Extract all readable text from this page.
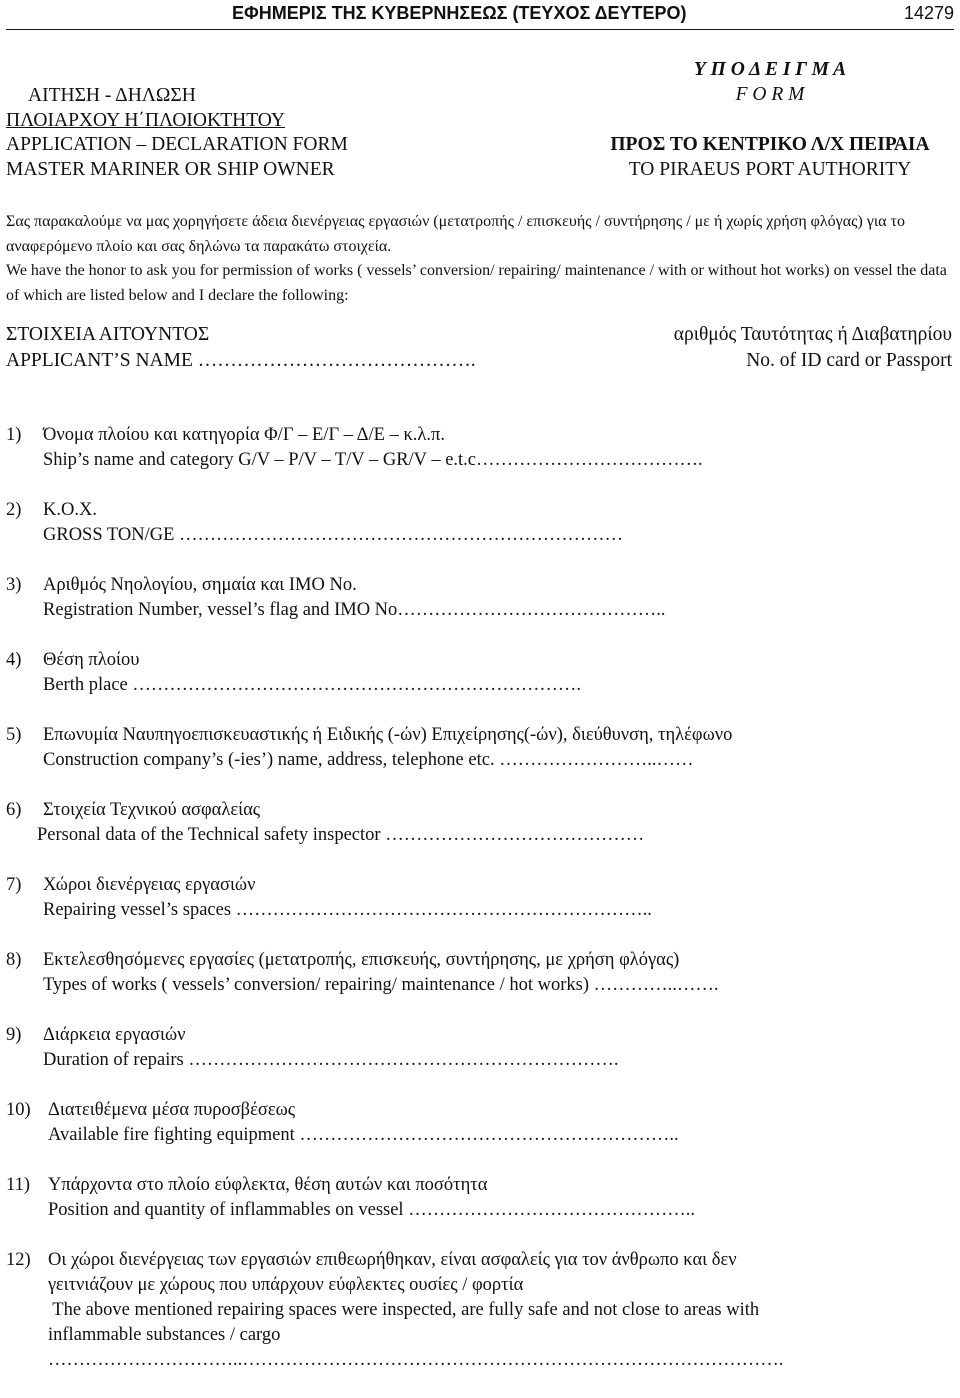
ΕΦΗΜΕΡΙΣ ΤΗΣ ΚΥΒΕΡΝΗΣΕΩΣ (ΤΕΥΧΟΣ ΔΕΥΤΕΡΟ)	14279
ΑΙΤΗΣΗ - ΔΗΛΩΣΗ
ΠΛΟΙΑΡΧΟΥ Η΄ΠΛΟΙΟΚΤΗΤΟΥ
APPLICATION – DECLARATION FORM
MASTER MARINER OR SHIP OWNER
Υ Π Ο Δ Ε Ι Γ Μ Α
F O R M
ΠΡΟΣ ΤΟ ΚΕΝΤΡΙΚΟ Λ/Χ ΠΕΙΡΑΙΑ
TO PIRAEUS PORT AUTHORITY

Σας παρακαλούμε να μας χορηγήσετε άδεια διενέργειας εργασιών (μετατροπής / επισκευής / συντήρησης / με ή χωρίς χρήση φλόγας) για το αναφερόμενο πλοίο και σας δηλώνω τα παρακάτω στοιχεία.

We have the honor to ask you for permission of works ( vessels’ conversion/ repairing/ maintenance / with or without hot works) on vessel the data of which are listed below and I declare the following:

ΣΤΟΙΧΕΙΑ ΑΙΤΟΥΝΤΟΣ	αριθμός Ταυτότητας ή Διαβατηρίου
APPLICANT’S NAME …………………………………….	No. of ID card or Passport
1) Όνομα πλοίου και κατηγορία Φ/Γ – Ε/Γ – Δ/Ε – κ.λ.π.
Ship’s name and category G/V – P/V – T/V – GR/V – e.t.c……………………………….
2) K.O.X.
GROSS TON/GE ………………………………………………………………
3) Αριθμός Νηολογίου, σημαία και IMO No.
Registration Number, vessel’s flag and IMO No……………………………………..
4) Θέση πλοίου
Berth place ……………………………………………………………….
5) Επωνυμία Ναυπηγοεπισκευαστικής ή Ειδικής (-ών) Επιχείρησης(-ών), διεύθυνση, τηλέφωνο
Construction company’s (-ies’) name, address, telephone etc. ……………………..……
6) Στοιχεία Τεχνικού ασφαλείας
Personal data of the Technical safety inspector ……………………………………
7) Χώροι διενέργειας εργασιών
Repairing vessel’s spaces …………………………………………………………..
8) Εκτελεσθησόμενες εργασίες (μετατροπής, επισκευής, συντήρησης, με χρήση φλόγας)
Types of works ( vessels’ conversion/ repairing/ maintenance / hot works) …………..…….
9) Διάρκεια εργασιών
Duration of repairs …………………………………………………………….
10) Διατειθέμενα μέσα πυροσβέσεως
Available fire fighting equipment ……………………………………………………..
11) Υπάρχοντα στο πλοίο εύφλεκτα, θέση αυτών και ποσότητα
Position and quantity of inflammables on vessel ………………………………………..
12) Οι χώροι διενέργειας των εργασιών επιθεωρήθηκαν, είναι ασφαλείς για τον άνθρωπο και δεν
γειτνιάζουν με χώρους που υπάρχουν εύφλεκτες ουσίες / φορτία
The above mentioned repairing spaces were inspected, are fully safe and not close to areas with
inflammable substances / cargo
…………………………..…………………………………………………………………………….
